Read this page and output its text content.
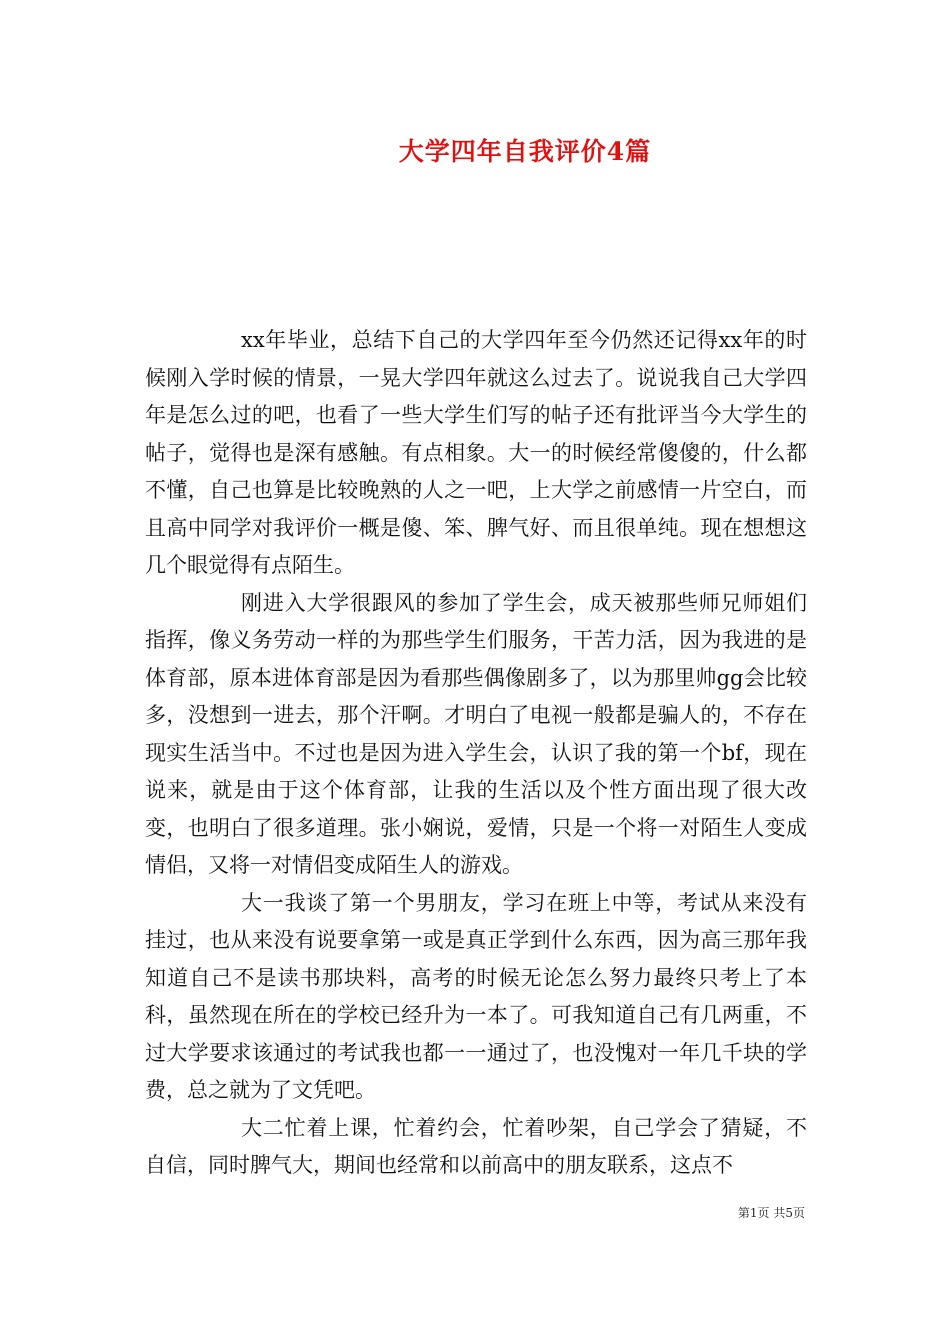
大学四年自我评价4篇

xx年毕业，总结下自己的大学四年至今仍然还记得xx年的时候刚入学时候的情景，一晃大学四年就这么过去了。说说我自己大学四年是怎么过的吧，也看了一些大学生们写的帖子还有批评当今大学生的帖子，觉得也是深有感触。有点相象。大一的时候经常傻傻的，什么都不懂，自己也算是比较晚熟的人之一吧，上大学之前感情一片空白，而且高中同学对我评价一概是傻、笨、脾气好、而且很单纯。现在想想这几个眼觉得有点陌生。

刚进入大学很跟风的参加了学生会，成天被那些师兄师姐们指挥，像义务劳动一样的为那些学生们服务，干苦力活，因为我进的是体育部，原本进体育部是因为看那些偶像剧多了，以为那里帅gg会比较多，没想到一进去，那个汗啊。才明白了电视一般都是骗人的，不存在现实生活当中。不过也是因为进入学生会，认识了我的第一个bf，现在说来，就是由于这个体育部，让我的生活以及个性方面出现了很大改变，也明白了很多道理。张小娴说，爱情，只是一个将一对陌生人变成情侣，又将一对情侣变成陌生人的游戏。

大一我谈了第一个男朋友，学习在班上中等，考试从来没有挂过，也从来没有说要拿第一或是真正学到什么东西，因为高三那年我知道自己不是读书那块料，高考的时候无论怎么努力最终只考上了本科，虽然现在所在的学校已经升为一本了。可我知道自己有几两重，不过大学要求该通过的考试我也都一一通过了，也没愧对一年几千块的学费，总之就为了文凭吧。

大二忙着上课，忙着约会，忙着吵架，自己学会了猜疑，不自信，同时脾气大，期间也经常和以前高中的朋友联系，这点不

第1页 共5页
